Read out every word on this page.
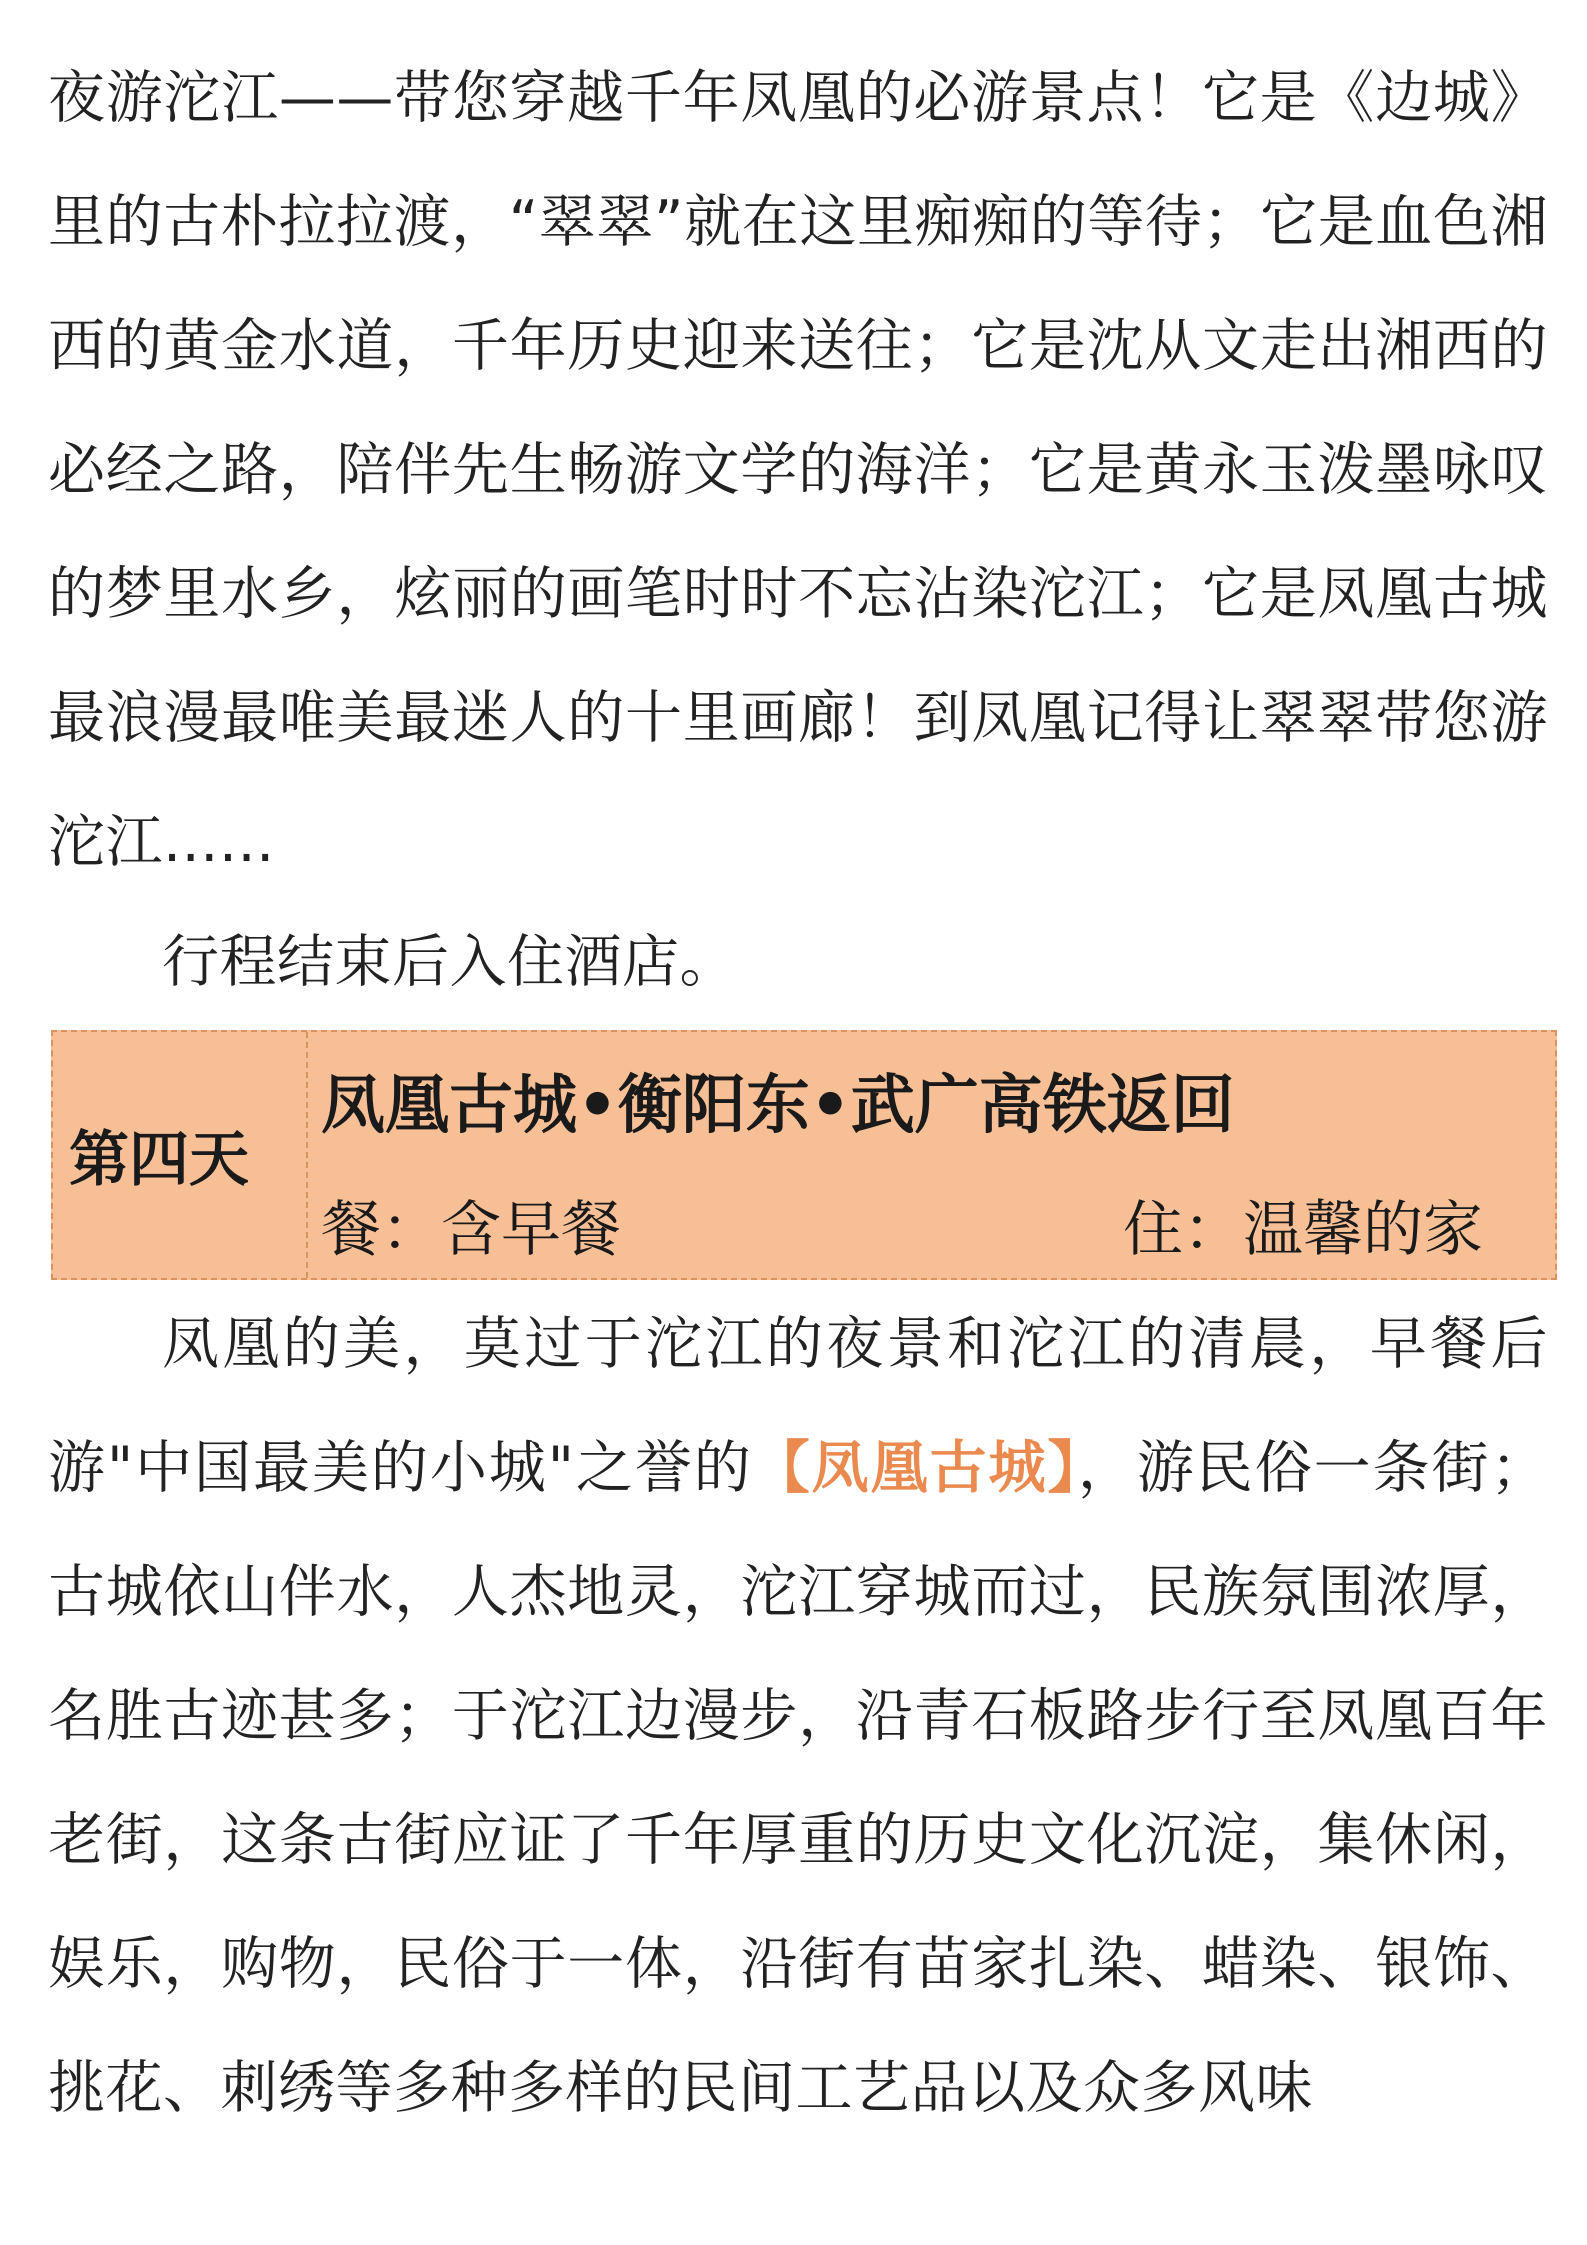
夜游沱江——带您穿越千年凤凰的必游景点！它是《边城》里的古朴拉拉渡，“翠翠”就在这里痴痴的等待；它是血色湘西的黄金水道，千年历史迎来送往；它是沈从文走出湘西的必经之路，陪伴先生畅游文学的海洋；它是黄永玉泼墨咏叹的梦里水乡，炫丽的画笔时时不忘沾染沱江；它是凤凰古城最浪漫最唯美最迷人的十里画廊！到凤凰记得让翠翠带您游沱江......

行程结束后入住酒店。
第四天
凤凰古城•衡阳东•武广高铁返回
餐：含早餐	住：温馨的家

凤凰的美，莫过于沱江的夜景和沱江的清晨，早餐后游"中国最美的小城"之誉的【凤凰古城】，游民俗一条街；古城依山伴水，人杰地灵，沱江穿城而过，民族氛围浓厚，名胜古迹甚多；于沱江边漫步，沿青石板路步行至凤凰百年老街，这条古街应证了千年厚重的历史文化沉淀，集休闲，娱乐，购物，民俗于一体，沿街有苗家扎染、蜡染、银饰、挑花、刺绣等多种多样的民间工艺品以及众多风味
